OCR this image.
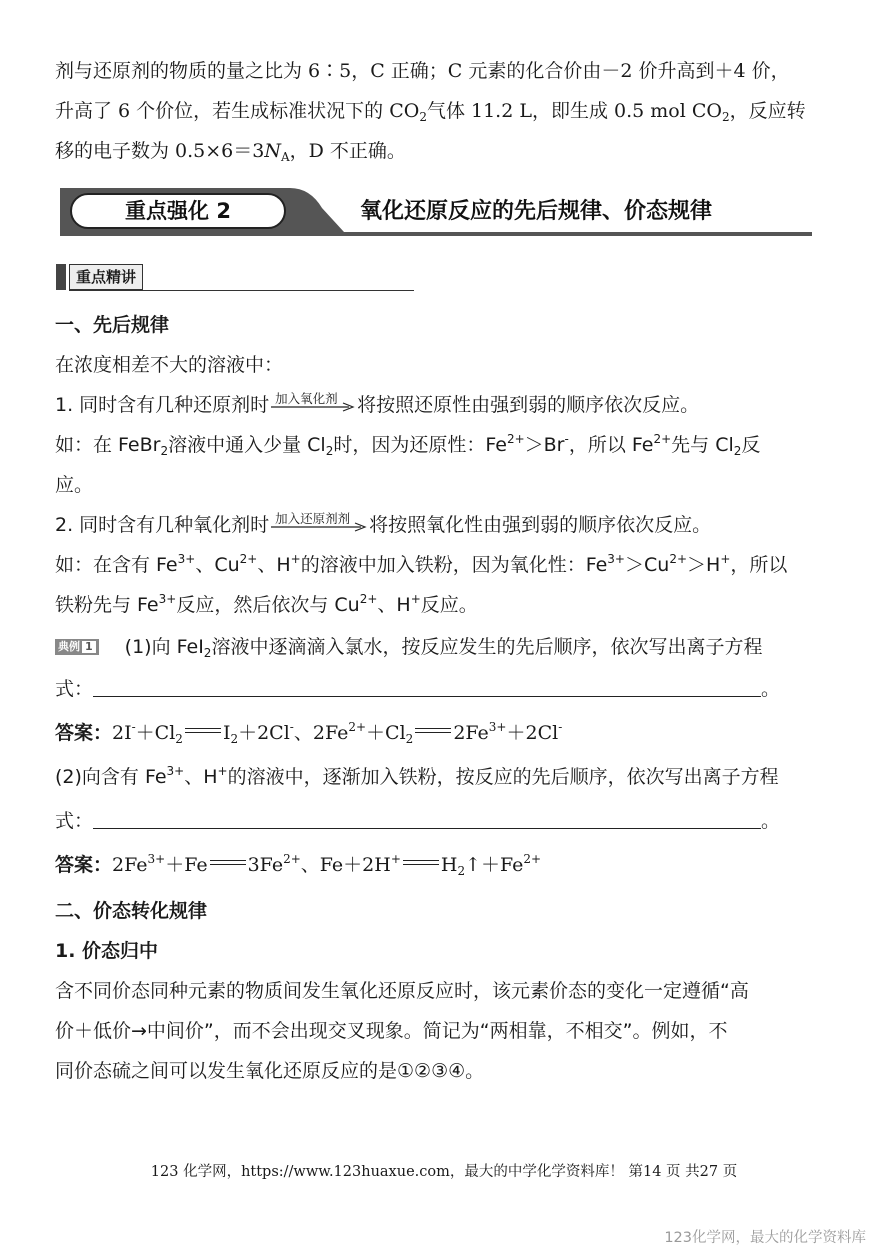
剂与还原剂的物质的量之比为 6∶5，C 正确；C 元素的化合价由－2 价升高到＋4 价，
升高了 6 个价位，若生成标准状况下的 $CO_2$气体 11.2 L，即生成 0.5 mol $CO_2$，反应转
移的电子数为 $0.5\times 6=3N_A$，D 不正确。
重点强化 2	氧化还原反应的先后规律、价态规律
重点精讲
一、先后规律
在浓度相差不大的溶液中：
1. 同时含有几种还原剂时 加入氧化剂 将按照还原性由强到弱的顺序依次反应。
如：在 FeBr$_2$溶液中通入少量 $Cl_2$时，因为还原性：$Fe^{2+}>Br^-$，所以 $Fe^{2+}$先与 $Cl_2$反
应。
2. 同时含有几种氧化剂时 加入还原剂剂 将按照氧化性由强到弱的顺序依次反应。
如：在含有 $Fe^{3+}$、$Cu^{2+}$、H+的溶液中加入铁粉，因为氧化性：$Fe^{3+}>Cu^{2+}>H^+$，所以
铁粉先与 $Fe^{3+}$反应，然后依次与 $Cu^{2+}$、H+反应。
典例 1 (1)向 FeI$_2$溶液中逐滴滴入氯水，按反应发生的先后顺序，依次写出离子方程
式：	。
答案：$2I^-+Cl_2$ $I_2+2Cl^-$、$2Fe^{2+}+Cl_2$ $2Fe^{3+}+2Cl^-$
(2)向含有 $Fe^{3+}$、H+的溶液中，逐渐加入铁粉，按反应的先后顺序，依次写出离子方程
式：	。
答案：$2Fe^{3+}+Fe$ $3Fe^{2+}$、Fe＋2H+ $H_2↑+Fe^{2+}$
二、价态转化规律
1. 价态归中
含不同价态同种元素的物质间发生氧化还原反应时，该元素价态的变化一定遵循“高
价＋低价→中间价”，而不会出现交叉现象。简记为“两相靠，不相交”。例如，不
同价态硫之间可以发生氧化还原反应的是①②③④。
123 化学网，https://www.123huaxue.com，最大的中学化学资料库！ 第14 页 共27 页
123化学网，最大的化学资料库
